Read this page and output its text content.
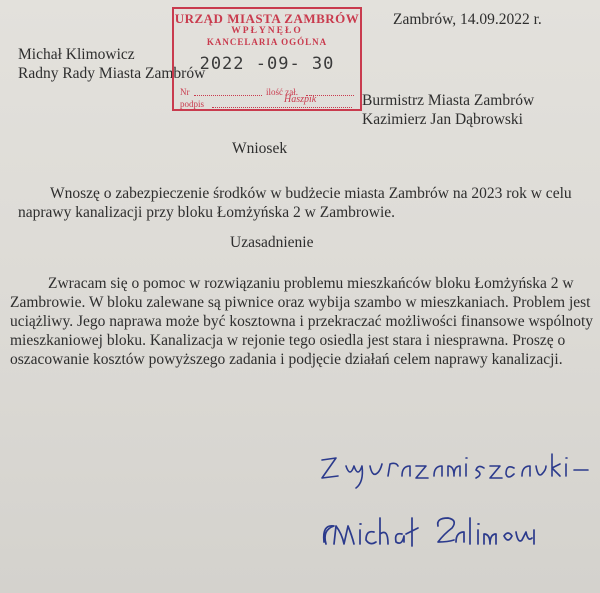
Zambrów, 14.09.2022 r.
Michał Klimowicz
Radny Rady Miasta Zambrów
Burmistrz Miasta Zambrów
Kazimierz Jan Dąbrowski
URZĄD MIASTA ZAMBRÓW
WPŁYNĘŁO
KANCELARIA OGÓLNA
2022 -09- 30
Nr	ilość zał.
podpis	Haszpik
Wniosek
Wnoszę o zabezpieczenie środków w budżecie miasta Zambrów na 2023 rok w celu
naprawy kanalizacji przy bloku Łomżyńska 2 w Zambrowie.
Uzasadnienie
Zwracam się o pomoc w rozwiązaniu problemu mieszkańców bloku Łomżyńska 2 w
Zambrowie. W bloku zalewane są piwnice oraz wybija szambo w mieszkaniach. Problem jest
uciążliwy. Jego naprawa może być kosztowna i przekraczać możliwości finansowe wspólnoty
mieszkaniowej bloku. Kanalizacja w rejonie tego osiedla jest stara i niesprawna. Proszę o
oszacowanie kosztów powyższego zadania i podjęcie działań celem naprawy kanalizacji.
